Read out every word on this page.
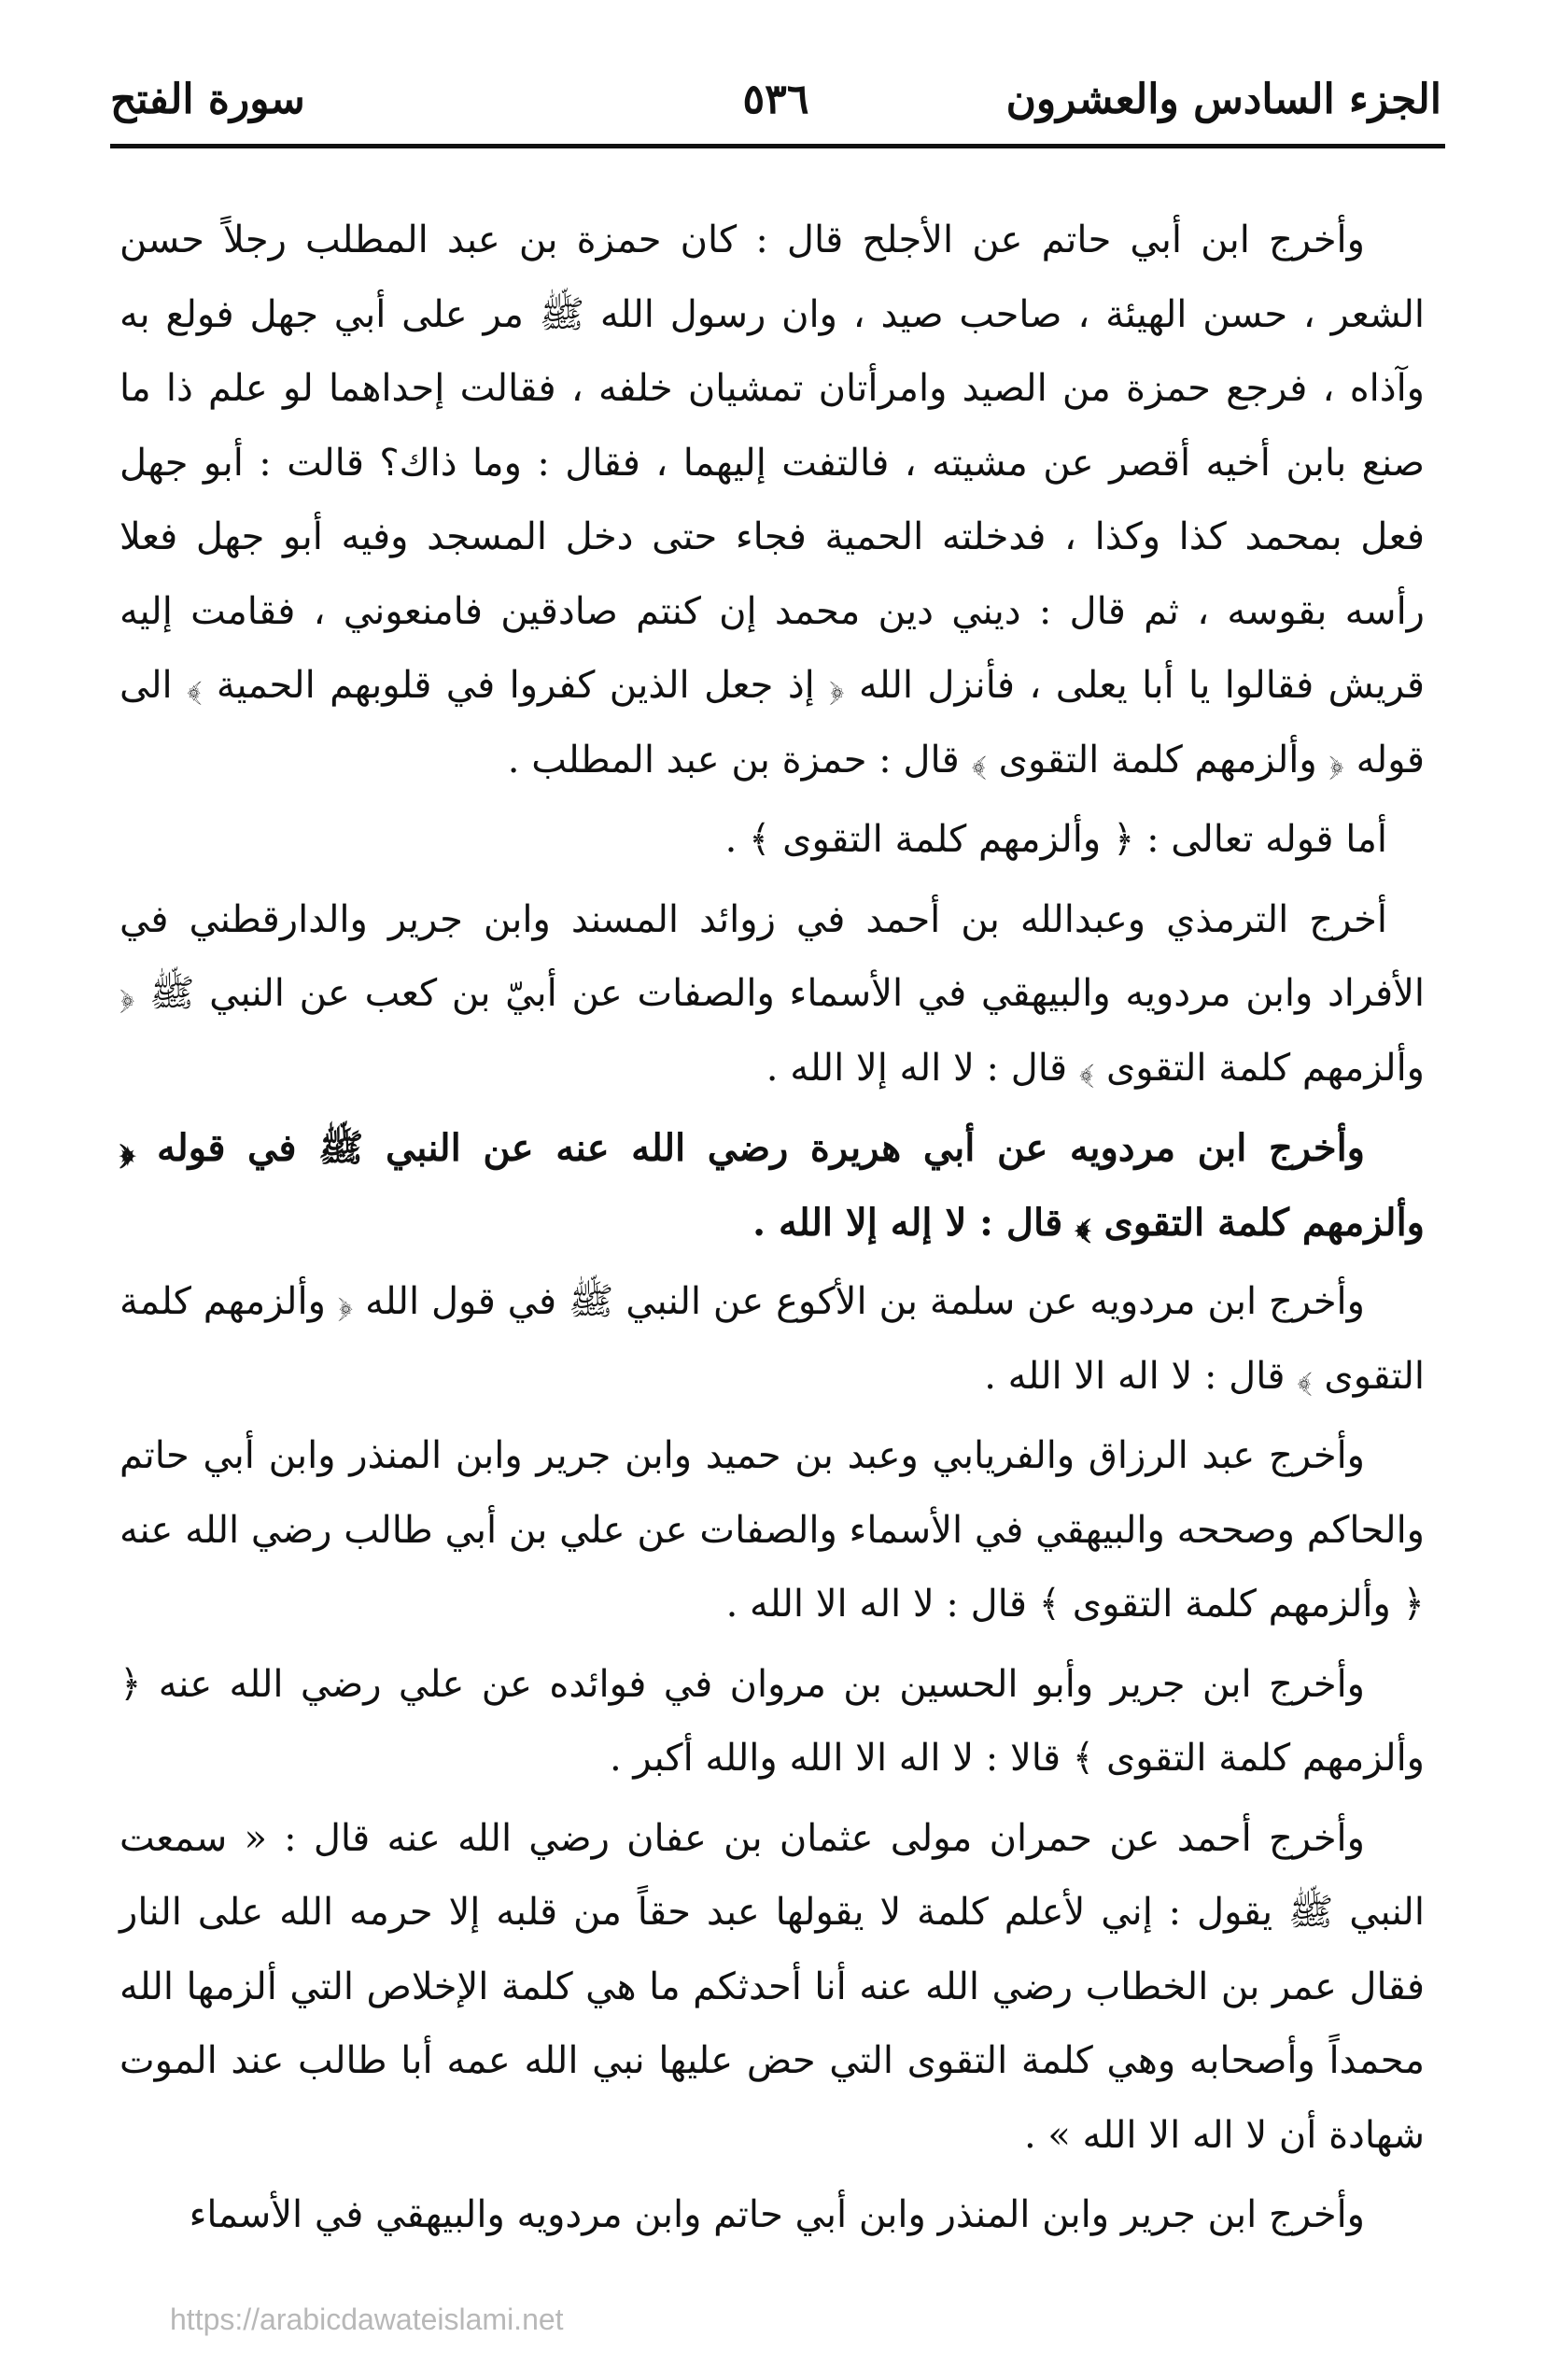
الجزء السادس والعشرون
٥٣٦
سورة الفتح

وأخرج ابن أبي حاتم عن الأجلح قال : كان حمزة بن عبد المطلب رجلاً حسن الشعر ، حسن الهيئة ، صاحب صيد ، وان رسول الله ﷺ مر على أبي جهل فولع به وآذاه ، فرجع حمزة من الصيد وامرأتان تمشيان خلفه ، فقالت إحداهما لو علم ذا ما صنع بابن أخيه أقصر عن مشيته ، فالتفت إليهما ، فقال : وما ذاك؟ قالت : أبو جهل فعل بمحمد كذا وكذا ، فدخلته الحمية فجاء حتى دخل المسجد وفيه أبو جهل فعلا رأسه بقوسه ، ثم قال : ديني دين محمد إن كنتم صادقين فامنعوني ، فقامت إليه قريش فقالوا يا أبا يعلى ، فأنزل الله ﴿ إذ جعل الذين كفروا في قلوبهم الحمية ﴾ الى قوله ﴿ وألزمهم كلمة التقوى ﴾ قال : حمزة بن عبد المطلب .

أما قوله تعالى : ﴿ وألزمهم كلمة التقوى ﴾ .

أخرج الترمذي وعبدالله بن أحمد في زوائد المسند وابن جرير والدارقطني في الأفراد وابن مردويه والبيهقي في الأسماء والصفات عن أبيّ بن كعب عن النبي ﷺ ﴿ وألزمهم كلمة التقوى ﴾ قال : لا اله إلا الله .

وأخرج ابن مردويه عن أبي هريرة رضي الله عنه عن النبي ﷺ في قوله ﴿ وألزمهم كلمة التقوى ﴾ قال : لا إله إلا الله .

وأخرج ابن مردويه عن سلمة بن الأكوع عن النبي ﷺ في قول الله ﴿ وألزمهم كلمة التقوى ﴾ قال : لا اله الا الله .

وأخرج عبد الرزاق والفريابي وعبد بن حميد وابن جرير وابن المنذر وابن أبي حاتم والحاكم وصححه والبيهقي في الأسماء والصفات عن علي بن أبي طالب رضي الله عنه ﴿ وألزمهم كلمة التقوى ﴾ قال : لا اله الا الله .

وأخرج ابن جرير وأبو الحسين بن مروان في فوائده عن علي رضي الله عنه ﴿ وألزمهم كلمة التقوى ﴾ قالا : لا اله الا الله والله أكبر .

وأخرج أحمد عن حمران مولى عثمان بن عفان رضي الله عنه قال : « سمعت النبي ﷺ يقول : إني لأعلم كلمة لا يقولها عبد حقاً من قلبه إلا حرمه الله على النار فقال عمر بن الخطاب رضي الله عنه أنا أحدثكم ما هي كلمة الإخلاص التي ألزمها الله محمداً وأصحابه وهي كلمة التقوى التي حض عليها نبي الله عمه أبا طالب عند الموت شهادة أن لا اله الا الله » .

وأخرج ابن جرير وابن المنذر وابن أبي حاتم وابن مردويه والبيهقي في الأسماء

https://arabicdawateislami.net
